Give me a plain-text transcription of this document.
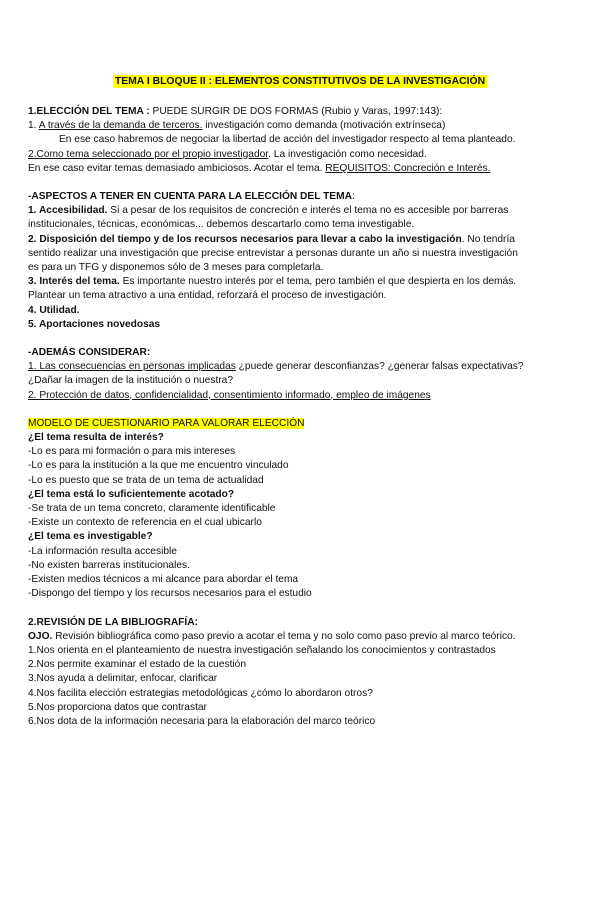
TEMA I BLOQUE II : ELEMENTOS CONSTITUTIVOS DE LA INVESTIGACIÓN
1.ELECCIÓN DEL TEMA : PUEDE SURGIR DE DOS FORMAS (Rubio y Varas, 1997:143):
1. A través de la demanda de terceros. investigación como demanda (motivación extrínseca)
En ese caso habremos de negociar la libertad de acción del investigador respecto al tema planteado.
2.Como tema seleccionado por el propio investigador. La investigación como necesidad.
En ese caso evitar temas demasiado ambiciosos. Acotar el tema. REQUISITOS: Concreción e Interés.
-ASPECTOS A TENER EN CUENTA PARA LA ELECCIÓN DEL TEMA:
1. Accesibilidad. Si a pesar de los requisitos de concreción e interés el tema no es accesible por barreras
institucionales, técnicas, económicas... debemos descartarlo como tema investigable.
2. Disposición del tiempo y de los recursos necesarios para llevar a cabo la investigación. No tendría
sentido realizar una investigación que precise entrevistar a personas durante un año si nuestra investigación
es para un TFG y disponemos sólo de 3 meses para completarla.
3. Interés del tema. Es importante nuestro interés por el tema, pero también el que despierta en los demás.
Plantear un tema atractivo a una entidad, reforzará el proceso de investigación.
4. Utilidad.
5. Aportaciones novedosas
-ADEMÁS CONSIDERAR:
1. Las consecuencias en personas implicadas ¿puede generar desconfianzas? ¿generar falsas expectativas?
¿Dañar la imagen de la institución o nuestra?
2. Protección de datos, confidencialidad, consentimiento informado, empleo de imágenes
MODELO DE CUESTIONARIO PARA VALORAR ELECCIÓN
¿El tema resulta de interés?
-Lo es para mi formación o para mis intereses
-Lo es para la institución a la que me encuentro vinculado
-Lo es puesto que se trata de un tema de actualidad
¿El tema está lo suficientemente acotado?
-Se trata de un tema concreto, claramente identificable
-Existe un contexto de referencia en el cual ubicarlo
¿El tema es investigable?
-La información resulta accesible
-No existen barreras institucionales.
-Existen medios técnicos a mi alcance para abordar el tema
-Dispongo del tiempo y los recursos necesarios para el estudio
2.REVISIÓN DE LA BIBLIOGRAFÍA:
OJO. Revisión bibliográfica como paso previo a acotar el tema y no solo como paso previo al marco teórico.
1.Nos orienta en el planteamiento de nuestra investigación señalando los conocimientos y contrastados
2.Nos permite examinar el estado de la cuestión
3.Nos ayuda a delimitar, enfocar, clarificar
4.Nos facilita elección estrategias metodológicas ¿cómo lo abordaron otros?
5.Nos proporciona datos que contrastar
6.Nos dota de la información necesaria para la elaboración del marco teórico
